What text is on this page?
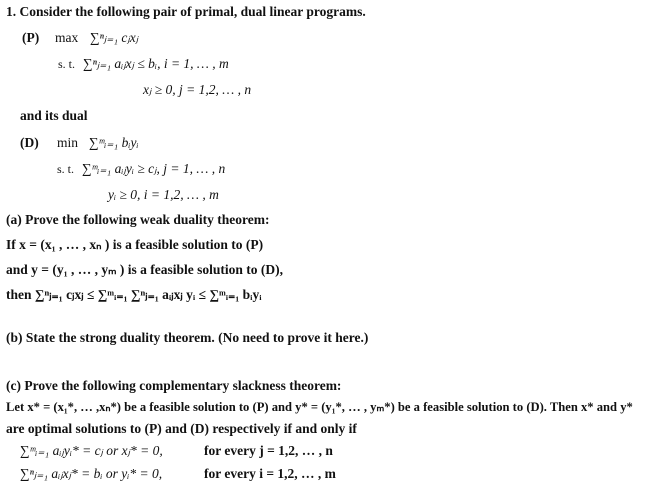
1. Consider the following pair of primal, dual linear programs.
(P) max ∑ⁿⱼ₌₁ cⱼxⱼ
s. t. ∑ⁿⱼ₌₁ aᵢⱼxⱼ ≤ bᵢ, i = 1, … , m
xⱼ ≥ 0, j = 1,2, … , n
and its dual
(D) min ∑ᵐᵢ₌₁ bᵢyᵢ
s. t. ∑ᵐᵢ₌₁ aᵢⱼyᵢ ≥ cⱼ, j = 1, … , n
yᵢ ≥ 0, i = 1,2, … , m
(a) Prove the following weak duality theorem:
If x = (x₁ , … , xₙ ) is a feasible solution to (P)
and y = (y₁ , … , yₘ ) is a feasible solution to (D),
then ∑ⁿⱼ₌₁ cⱼxⱼ ≤ ∑ᵐᵢ₌₁ ∑ⁿⱼ₌₁ aᵢⱼxⱼ yᵢ ≤ ∑ᵐᵢ₌₁ bᵢyᵢ
(b) State the strong duality theorem. (No need to prove it here.)
(c) Prove the following complementary slackness theorem:
Let x* = (x₁*, … ,xₙ*) be a feasible solution to (P) and y* = (y₁*, … , yₘ*) be a feasible solution to (D). Then x* and y*
are optimal solutions to (P) and (D) respectively if and only if
∑ᵐᵢ₌₁ aᵢⱼyᵢ* = cⱼ or xⱼ* = 0,	for every j = 1,2, … , n
∑ⁿⱼ₌₁ aᵢⱼxⱼ* = bᵢ or yᵢ* = 0,	for every i = 1,2, … , m
